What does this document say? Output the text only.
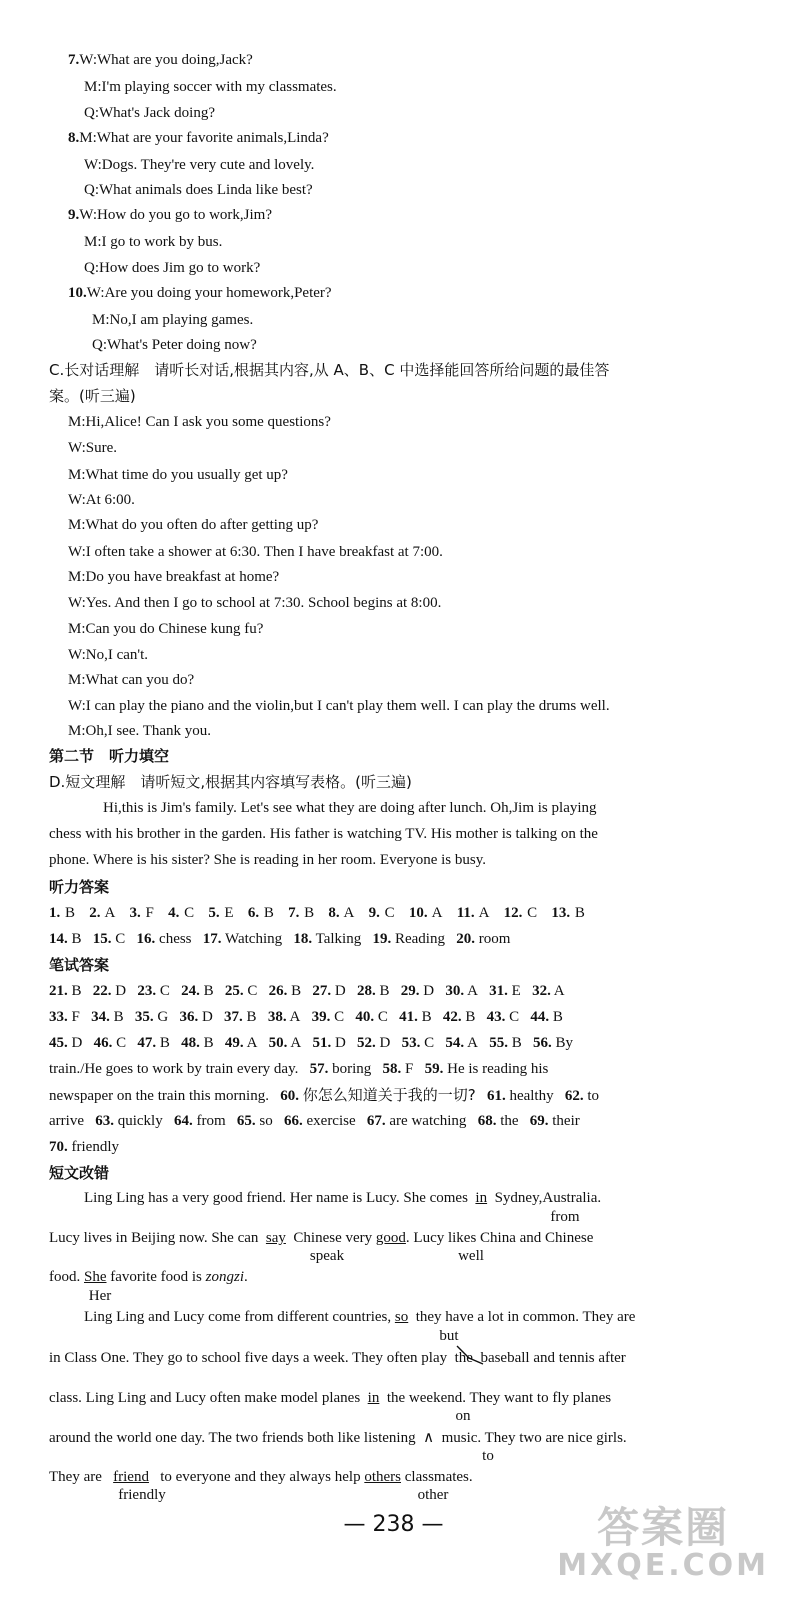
7.W:What are you doing,Jack?
M:I'm playing soccer with my classmates.
Q:What's Jack doing?
8.M:What are your favorite animals,Linda?
W:Dogs. They're very cute and lovely.
Q:What animals does Linda like best?
9.W:How do you go to work,Jim?
M:I go to work by bus.
Q:How does Jim go to work?
10.W:Are you doing your homework,Peter?
M:No,I am playing games.
Q:What's Peter doing now?
C.长对话理解　请听长对话,根据其内容,从 A、B、C 中选择能回答所给问题的最佳答
案。(听三遍)
M:Hi,Alice! Can I ask you some questions?
W:Sure.
M:What time do you usually get up?
W:At 6:00.
M:What do you often do after getting up?
W:I often take a shower at 6:30. Then I have breakfast at 7:00.
M:Do you have breakfast at home?
W:Yes. And then I go to school at 7:30. School begins at 8:00.
M:Can you do Chinese kung fu?
W:No,I can't.
M:What can you do?
W:I can play the piano and the violin,but I can't play them well. I can play the drums well.
M:Oh,I see. Thank you.
第二节　听力填空
D.短文理解　请听短文,根据其内容填写表格。(听三遍)
Hi,this is Jim's family. Let's see what they are doing after lunch. Oh,Jim is playing
chess with his brother in the garden. His father is watching TV. His mother is talking on the
phone. Where is his sister? She is reading in her room. Everyone is busy.
听力答案
1. B 2. A 3. F 4. C 5. E 6. B 7. B 8. A 9. C 10. A 11. A 12. C 13. B
14. B 15. C 16. chess 17. Watching 18. Talking 19. Reading 20. room
笔试答案
21. B 22. D 23. C 24. B 25. C 26. B 27. D 28. B 29. D 30. A 31. E 32. A
33. F 34. B 35. G 36. D 37. B 38. A 39. C 40. C 41. B 42. B 43. C 44. B
45. D 46. C 47. B 48. B 49. A 50. A 51. D 52. D 53. C 54. A 55. B 56. By
train./He goes to work by train every day. 57. boring 58. F 59. He is reading his
newspaper on the train this morning. 60. 你怎么知道关于我的一切? 61. healthy 62. to
arrive 63. quickly 64. from 65. so 66. exercise 67. are watching 68. the 69. their
70. friendly
短文改错
Ling Ling has a very good friend. Her name is Lucy. She comes in Sydney,Australia.
from
Lucy lives in Beijing now. She can say Chinese very good. Lucy likes China and Chinese
speak	well
food. She favorite food is zongzi.
Her
Ling Ling and Lucy come from different countries, so they have a lot in common. They are
but
in Class One. They go to school five days a week. They often play the baseball and tennis after
class. Ling Ling and Lucy often make model planes in the weekend. They want to fly planes
on
around the world one day. The two friends both like listening ∧ music. They two are nice girls.
to
They are friend to everyone and they always help others classmates.
friendly	other
— 238 —	答案圈
MXQE.COM
